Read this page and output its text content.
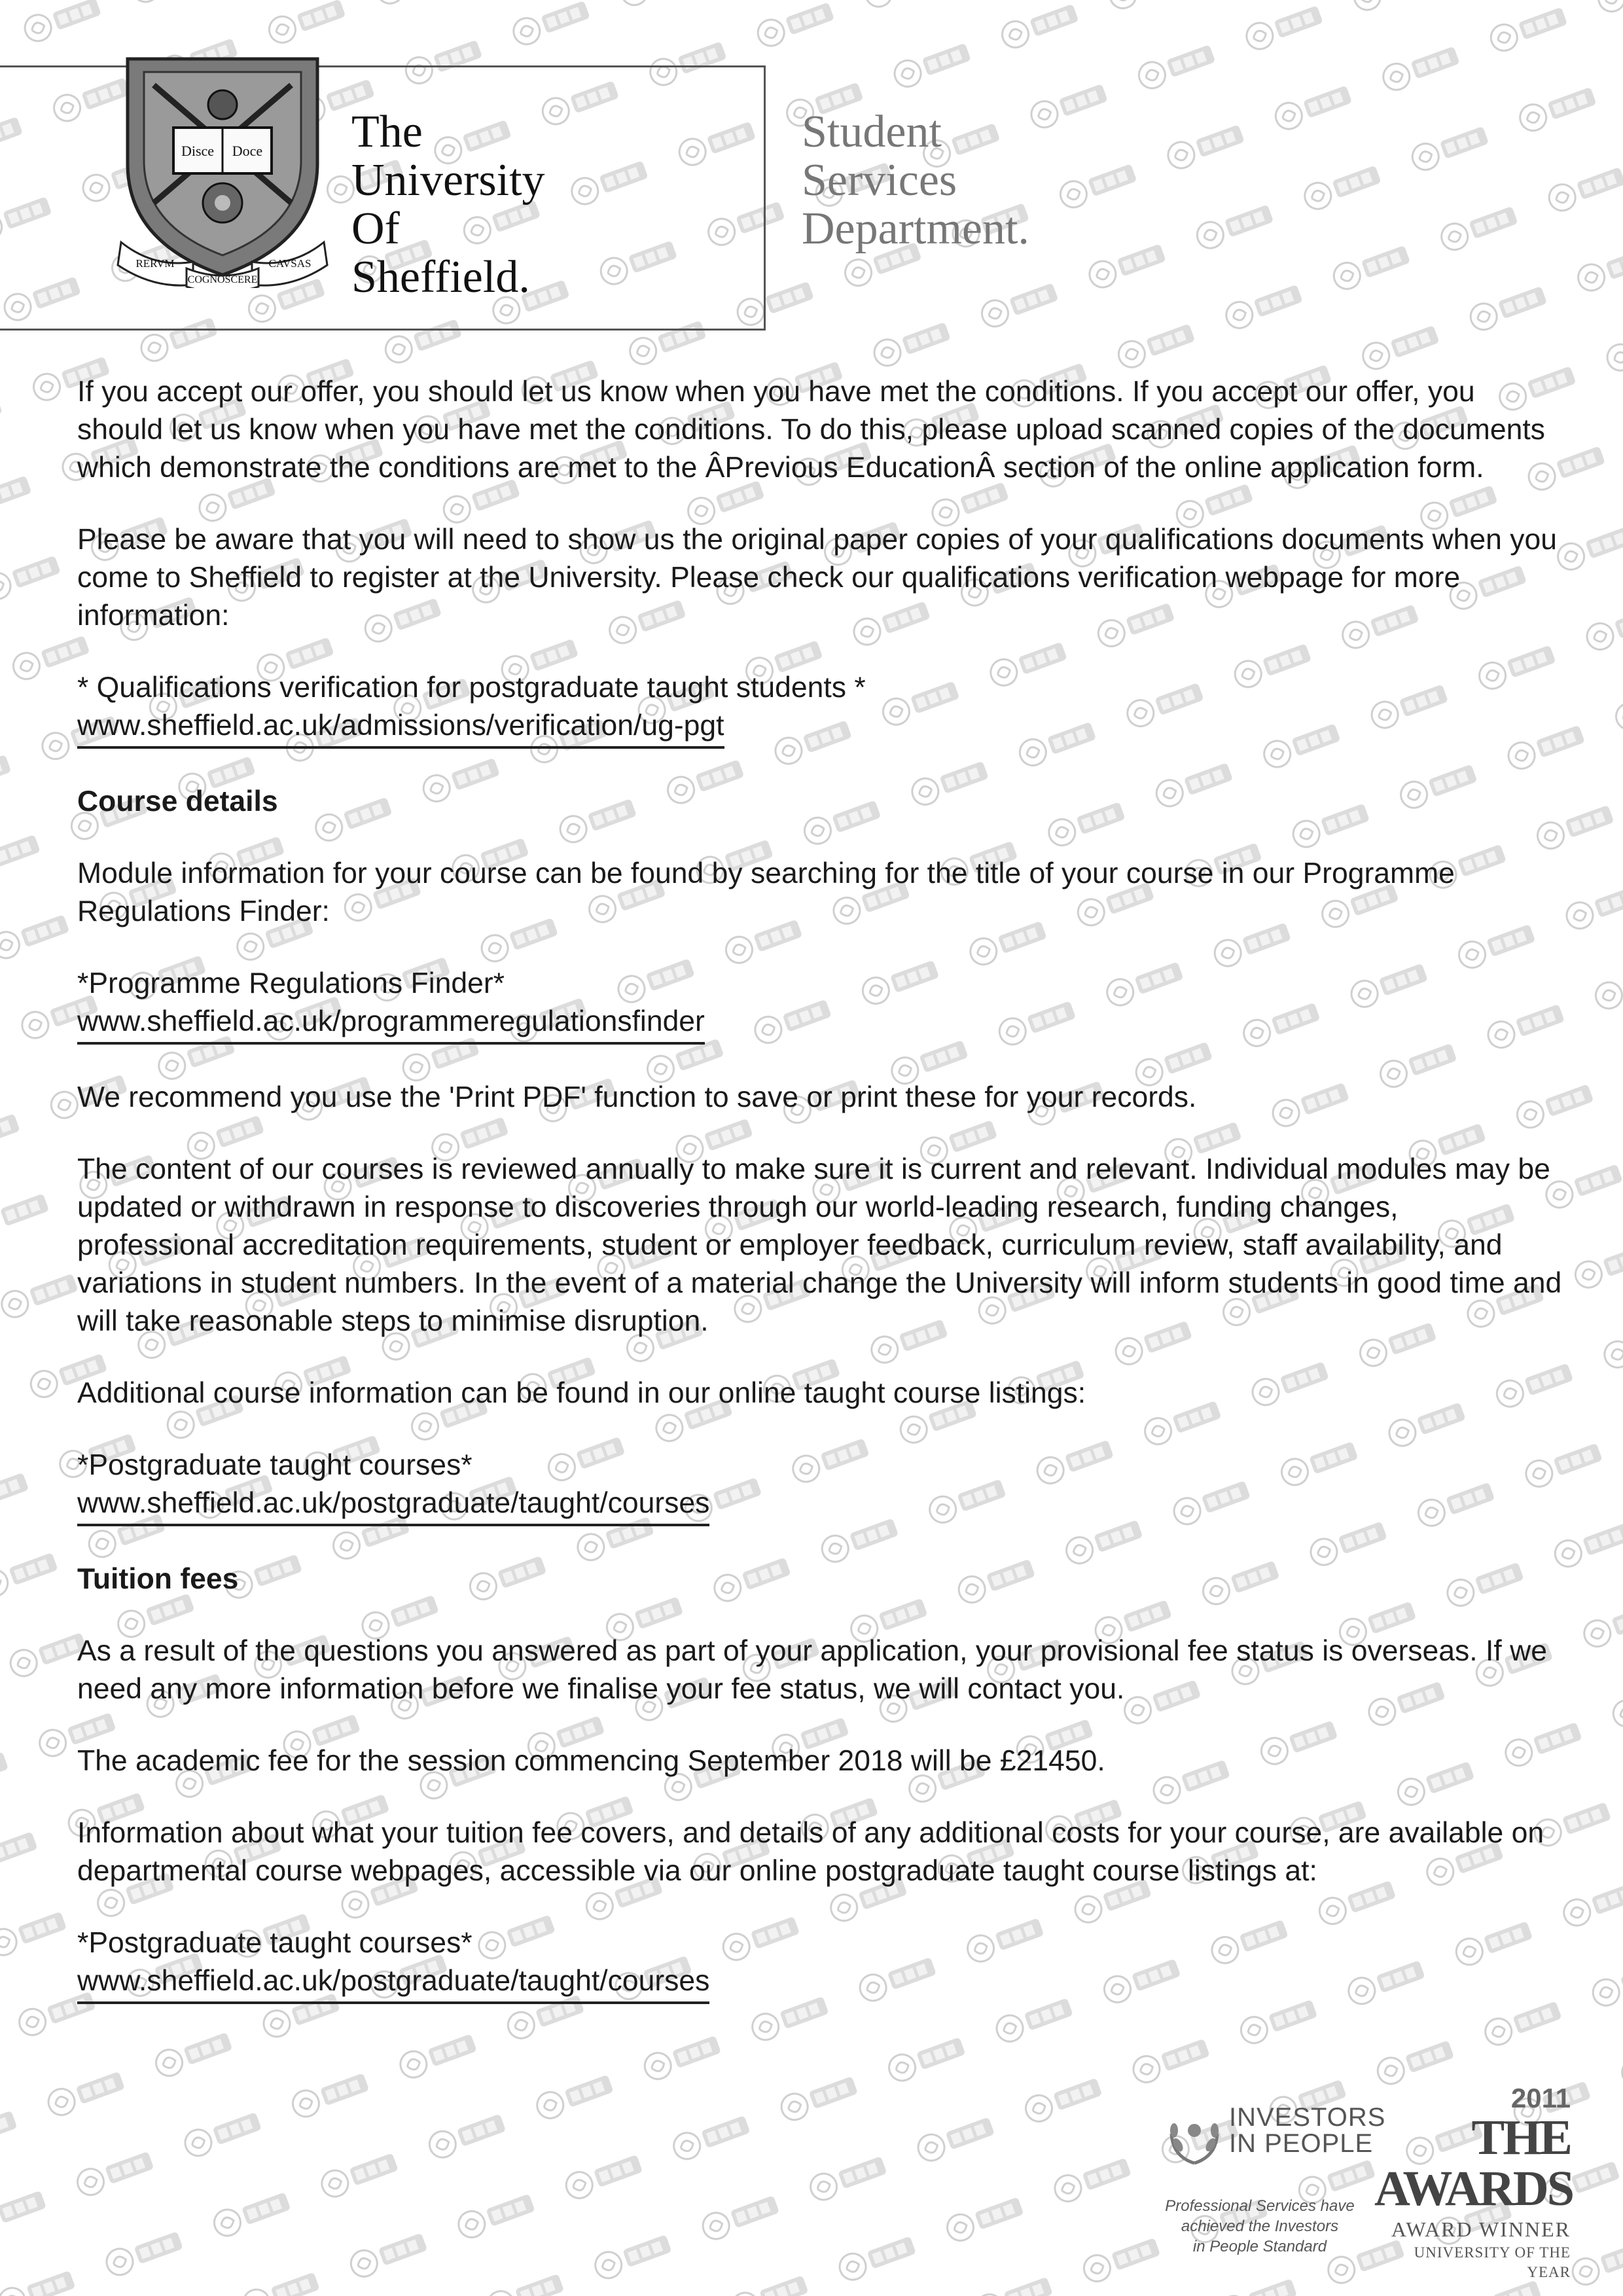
Disce Doce
RERVM
COGNOSCERE
CAVSAS
The
University
Of
Sheffield.
Student
Services
Department.

If you accept our offer, you should let us know when you have met the conditions. If you accept our offer, you should let us know when you have met the conditions. To do this, please upload scanned copies of the documents which demonstrate the conditions are met to the ÂPrevious EducationÂ section of the online application form.

Please be aware that you will need to show us the original paper copies of your qualifications documents when you come to Sheffield to register at the University. Please check our qualifications verification webpage for more information:

* Qualifications verification for postgraduate taught students *
www.sheffield.ac.uk/admissions/verification/ug-pgt
Course details

Module information for your course can be found by searching for the title of your course in our Programme Regulations Finder:

*Programme Regulations Finder*
www.sheffield.ac.uk/programmeregulationsfinder

We recommend you use the 'Print PDF' function to save or print these for your records.

The content of our courses is reviewed annually to make sure it is current and relevant. Individual modules may be updated or withdrawn in response to discoveries through our world-leading research, funding changes, professional accreditation requirements, student or employer feedback, curriculum review, staff availability, and variations in student numbers. In the event of a material change the University will inform students in good time and will take reasonable steps to minimise disruption.

Additional course information can be found in our online taught course listings:

*Postgraduate taught courses*
www.sheffield.ac.uk/postgraduate/taught/courses
Tuition fees

As a result of the questions you answered as part of your application, your provisional fee status is overseas. If we need any more information before we finalise your fee status, we will contact you.

The academic fee for the session commencing September 2018 will be £21450.

Information about what your tuition fee covers, and details of any additional costs for your course, are available on departmental course webpages, accessible via our online postgraduate taught course listings at:

*Postgraduate taught courses*
www.sheffield.ac.uk/postgraduate/taught/courses
INVESTORS
IN PEOPLE
Professional Services have
achieved the Investors
in People Standard
2011
THE AWARDS
AWARD WINNER
UNIVERSITY OF THE YEAR
